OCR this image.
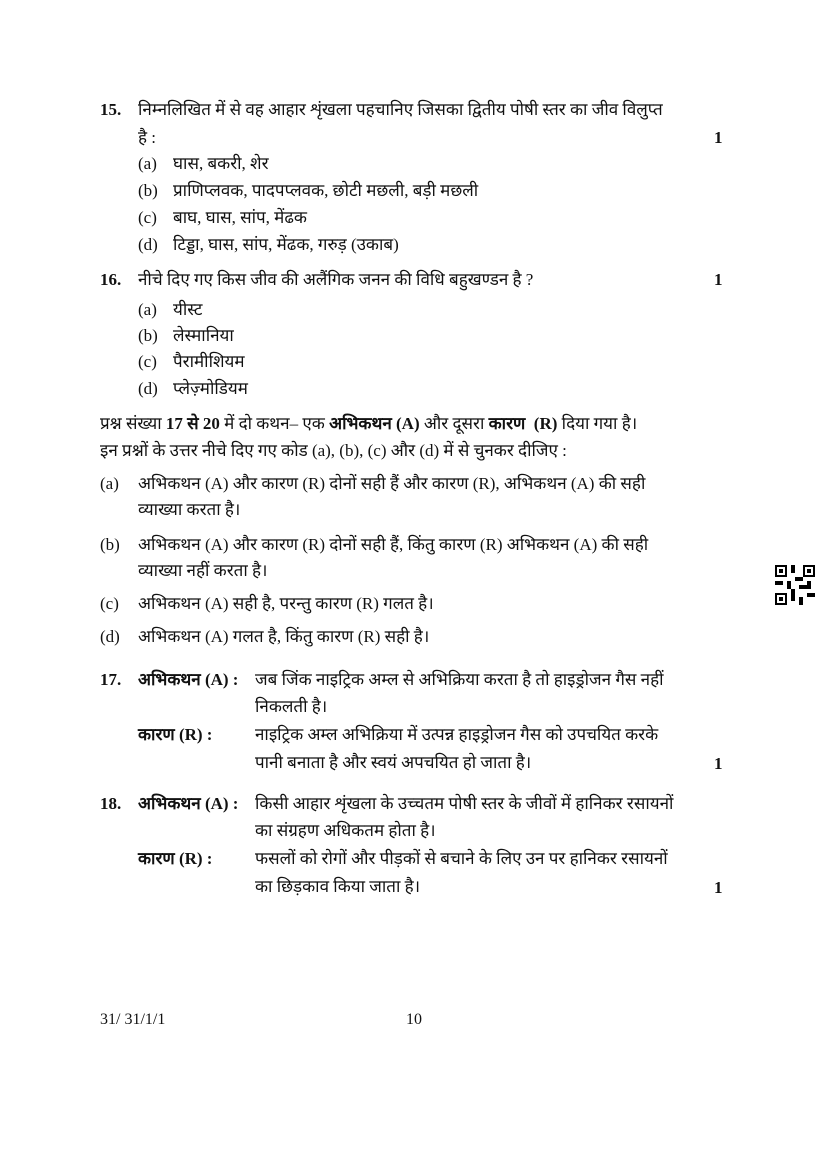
15. निम्नलिखित में से वह आहार शृंखला पहचानिए जिसका द्वितीय पोषी स्तर का जीव विलुप्त
है :	1
(a) घास, बकरी, शेर
(b) प्राणिप्लवक, पादपप्लवक, छोटी मछली, बड़ी मछली
(c) बाघ, घास, सांप, मेंढक
(d) टिड्डा, घास, सांप, मेंढक, गरुड़ (उकाब)
16. नीचे दिए गए किस जीव की अलैंगिक जनन की विधि बहुखण्डन है ?	1
(a) यीस्ट
(b) लेस्मानिया
(c) पैरामीशियम
(d) प्लेज़्मोडियम
प्रश्न संख्या 17 से 20 में दो कथन– एक अभिकथन (A) और दूसरा कारण  (R) दिया गया है।
इन प्रश्नों के उत्तर नीचे दिए गए कोड (a), (b), (c) और (d) में से चुनकर दीजिए :
(a) अभिकथन (A) और कारण (R) दोनों सही हैं और कारण (R), अभिकथन (A) की सही
व्याख्या करता है।
(b) अभिकथन (A) और कारण (R) दोनों सही हैं, किंतु कारण (R) अभिकथन (A) की सही
व्याख्या नहीं करता है।
(c) अभिकथन (A) सही है, परन्तु कारण (R) गलत है।
(d) अभिकथन (A) गलत है, किंतु कारण (R) सही है।
17. अभिकथन (A) : जब जिंक नाइट्रिक अम्ल से अभिक्रिया करता है तो हाइड्रोजन गैस नहीं
निकलती है।
कारण (R) :	नाइट्रिक अम्ल अभिक्रिया में उत्पन्न हाइड्रोजन गैस को उपचयित करके
पानी बनाता है और स्वयं अपचयित हो जाता है।	1
18. अभिकथन (A) : किसी आहार शृंखला के उच्चतम पोषी स्तर के जीवों में हानिकर रसायनों
का संग्रहण अधिकतम होता है।
कारण (R) :	फसलों को रोगों और पीड़कों से बचाने के लिए उन पर हानिकर रसायनों
का छिड़काव किया जाता है।	1
31/ 31/1/1	10
